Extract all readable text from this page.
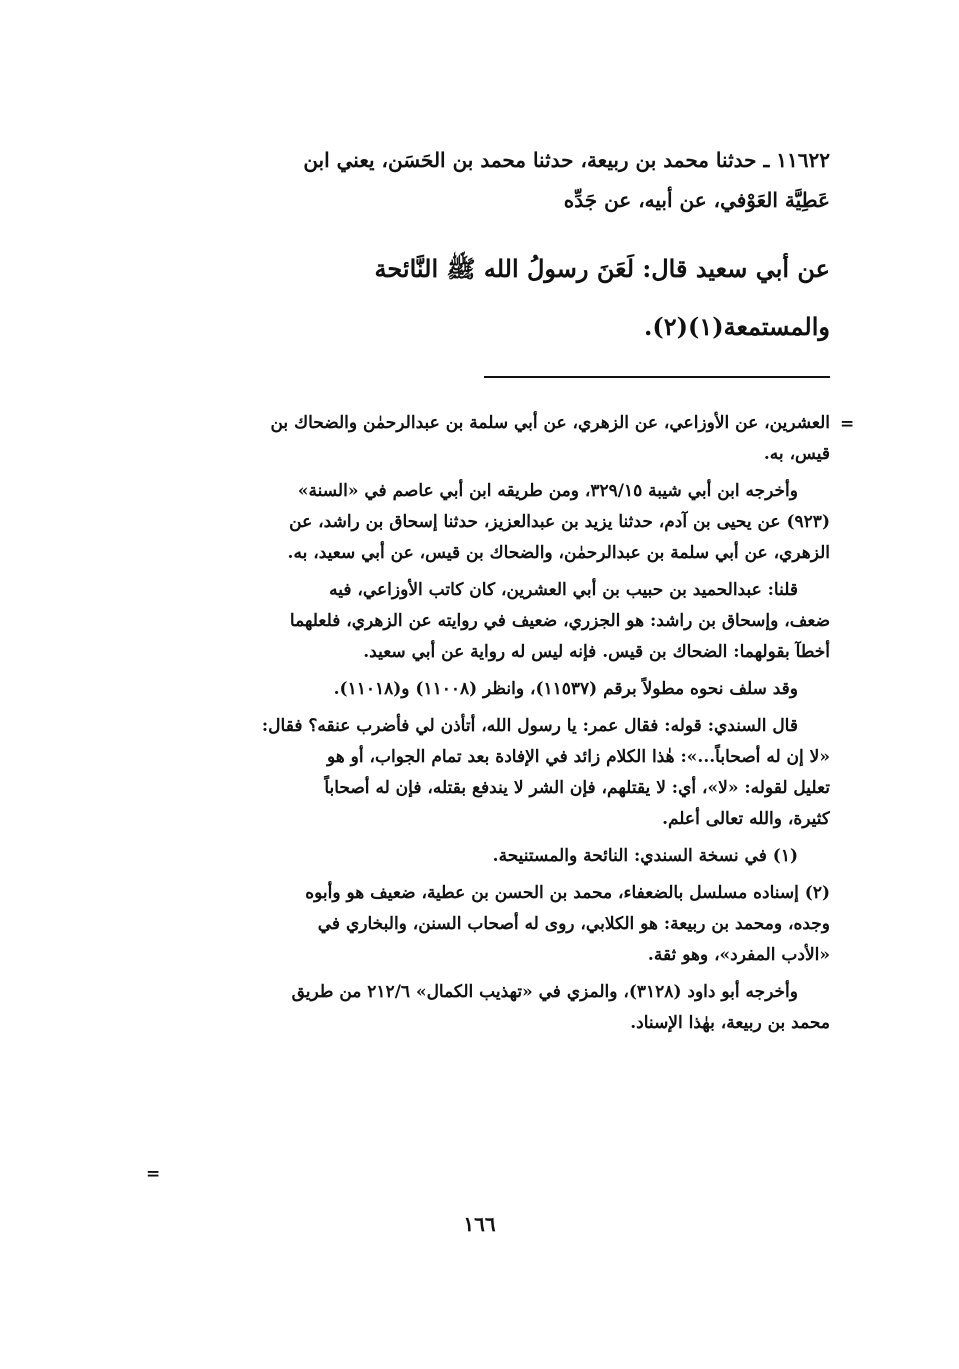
١١٦٢٢ ـ حدثنا محمد بن ربيعة، حدثنا محمد بن الحَسَن، يعني ابن
عَطِيَّة العَوْفي، عن أبيه، عن جَدِّه
عن أبي سعيد قال: لَعَنَ رسولُ الله ﷺ النَّائحة
والمستمعة(١)(٢).
=

العشرين، عن الأوزاعي، عن الزهري، عن أبي سلمة بن عبدالرحمٰن والضحاك بن
قيس، به.

وأخرجه ابن أبي شيبة ٣٢٩/١٥، ومن طريقه ابن أبي عاصم في «السنة»
(٩٢٣) عن يحيى بن آدم، حدثنا يزيد بن عبدالعزيز، حدثنا إسحاق بن راشد، عن
الزهري، عن أبي سلمة بن عبدالرحمٰن، والضحاك بن قيس، عن أبي سعيد، به.

قلنا: عبدالحميد بن حبيب بن أبي العشرين، كان كاتب الأوزاعي، فيه
ضعف، وإسحاق بن راشد: هو الجزري، ضعيف في روايته عن الزهري، فلعلهما
أخطآ بقولهما: الضحاك بن قيس. فإنه ليس له رواية عن أبي سعيد.

وقد سلف نحوه مطولاً برقم (١١٥٣٧)، وانظر (١١٠٠٨) و(١١٠١٨).

قال السندي: قوله: فقال عمر: يا رسول الله، أتأذن لي فأضرب عنقه؟ فقال:
«لا إن له أصحاباً...»: هٰذا الكلام زائد في الإفادة بعد تمام الجواب، أو هو
تعليل لقوله: «لا»، أي: لا يقتلهم، فإن الشر لا يندفع بقتله، فإن له أصحاباً
كثيرة، والله تعالى أعلم.

(١) في نسخة السندي: النائحة والمستنيحة.

(٢) إسناده مسلسل بالضعفاء، محمد بن الحسن بن عطية، ضعيف هو وأبوه
وجده، ومحمد بن ربيعة: هو الكلابي، روى له أصحاب السنن، والبخاري في
«الأدب المفرد»، وهو ثقة.

وأخرجه أبو داود (٣١٢٨)، والمزي في «تهذيب الكمال» ٢١٢/٦ من طريق
محمد بن ربيعة، بهٰذا الإسناد.

=
١٦٦
